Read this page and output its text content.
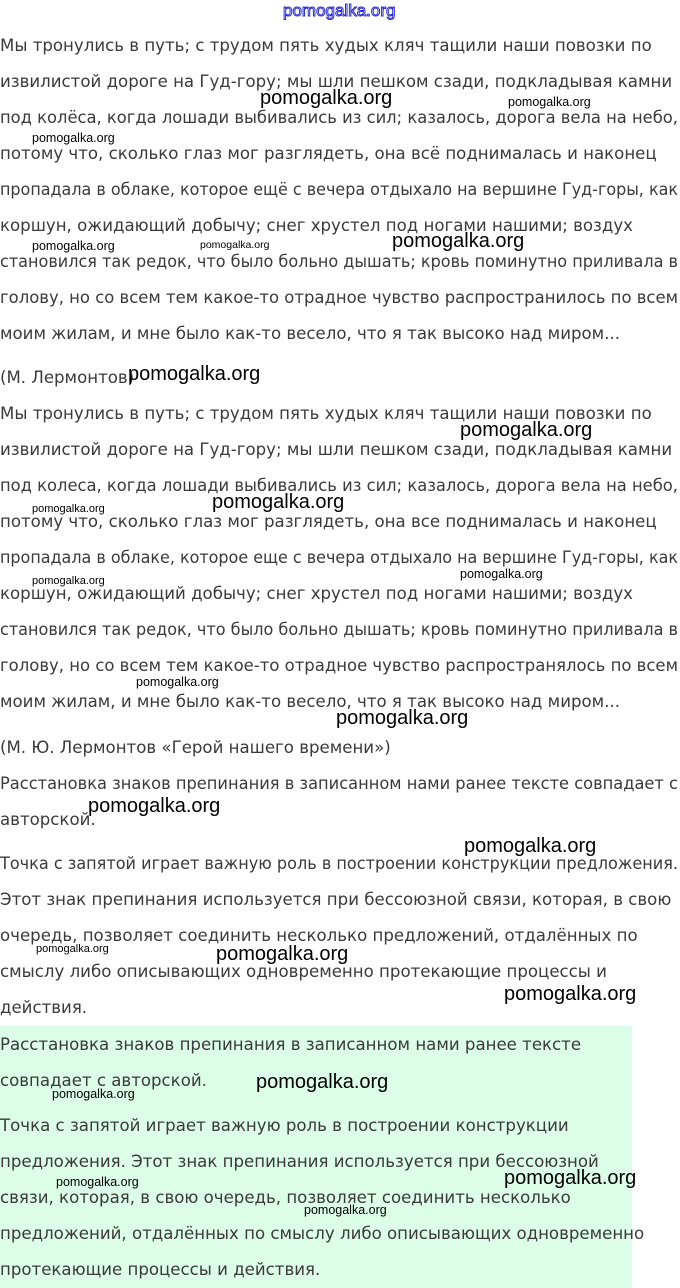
pomogalka.org
Мы тронулись в путь; с трудом пять худых кляч тащили наши повозки по
извилистой дороге на Гуд-гору; мы шли пешком сзади, подкладывая камни
под колёса, когда лошади выбивались из сил; казалось, дорога вела на небо,
потому что, сколько глаз мог разглядеть, она всё поднималась и наконец
пропадала в облаке, которое ещё с вечера отдыхало на вершине Гуд-горы, как
коршун, ожидающий добычу; снег хрустел под ногами нашими; воздух
становился так редок, что было больно дышать; кровь поминутно приливала в
голову, но со всем тем какое-то отрадное чувство распространилось по всем
моим жилам, и мне было как-то весело, что я так высоко над миром...
(М. Лермонтов)
Мы тронулись в путь; с трудом пять худых кляч тащили наши повозки по
извилистой дороге на Гуд-гору; мы шли пешком сзади, подкладывая камни
под колеса, когда лошади выбивались из сил; казалось, дорога вела на небо,
потому что, сколько глаз мог разглядеть, она все поднималась и наконец
пропадала в облаке, которое еще с вечера отдыхало на вершине Гуд-горы, как
коршун, ожидающий добычу; снег хрустел под ногами нашими; воздух
становился так редок, что было больно дышать; кровь поминутно приливала в
голову, но со всем тем какое-то отрадное чувство распространялось по всем
моим жилам, и мне было как-то весело, что я так высоко над миром...
(М. Ю. Лермонтов «Герой нашего времени»)
Расстановка знаков препинания в записанном нами ранее тексте совпадает с
авторской.
Точка с запятой играет важную роль в построении конструкции предложения.
Этот знак препинания используется при бессоюзной связи, которая, в свою
очередь, позволяет соединить несколько предложений, отдалённых по
смыслу либо описывающих одновременно протекающие процессы и
действия.
Расстановка знаков препинания в записанном нами ранее тексте
совпадает с авторской.
Точка с запятой играет важную роль в построении конструкции
предложения. Этот знак препинания используется при бессоюзной
связи, которая, в свою очередь, позволяет соединить несколько
предложений, отдалённых по смыслу либо описывающих одновременно
протекающие процессы и действия.
pomogalka.org	pomogalka.org
pomogalka.org
pomogalka.org	pomogalka.org	pomogalka.org
pomogalka.org
pomogalka.org
pomogalka.org
pomogalka.org
pomogalka.org
pomogalka.org
pomogalka.org
pomogalka.org
pomogalka.org
pomogalka.org
pomogalka.org	pomogalka.org
pomogalka.org
pomogalka.org
pomogalka.org
pomogalka.org
pomogalka.org
pomogalka.org
